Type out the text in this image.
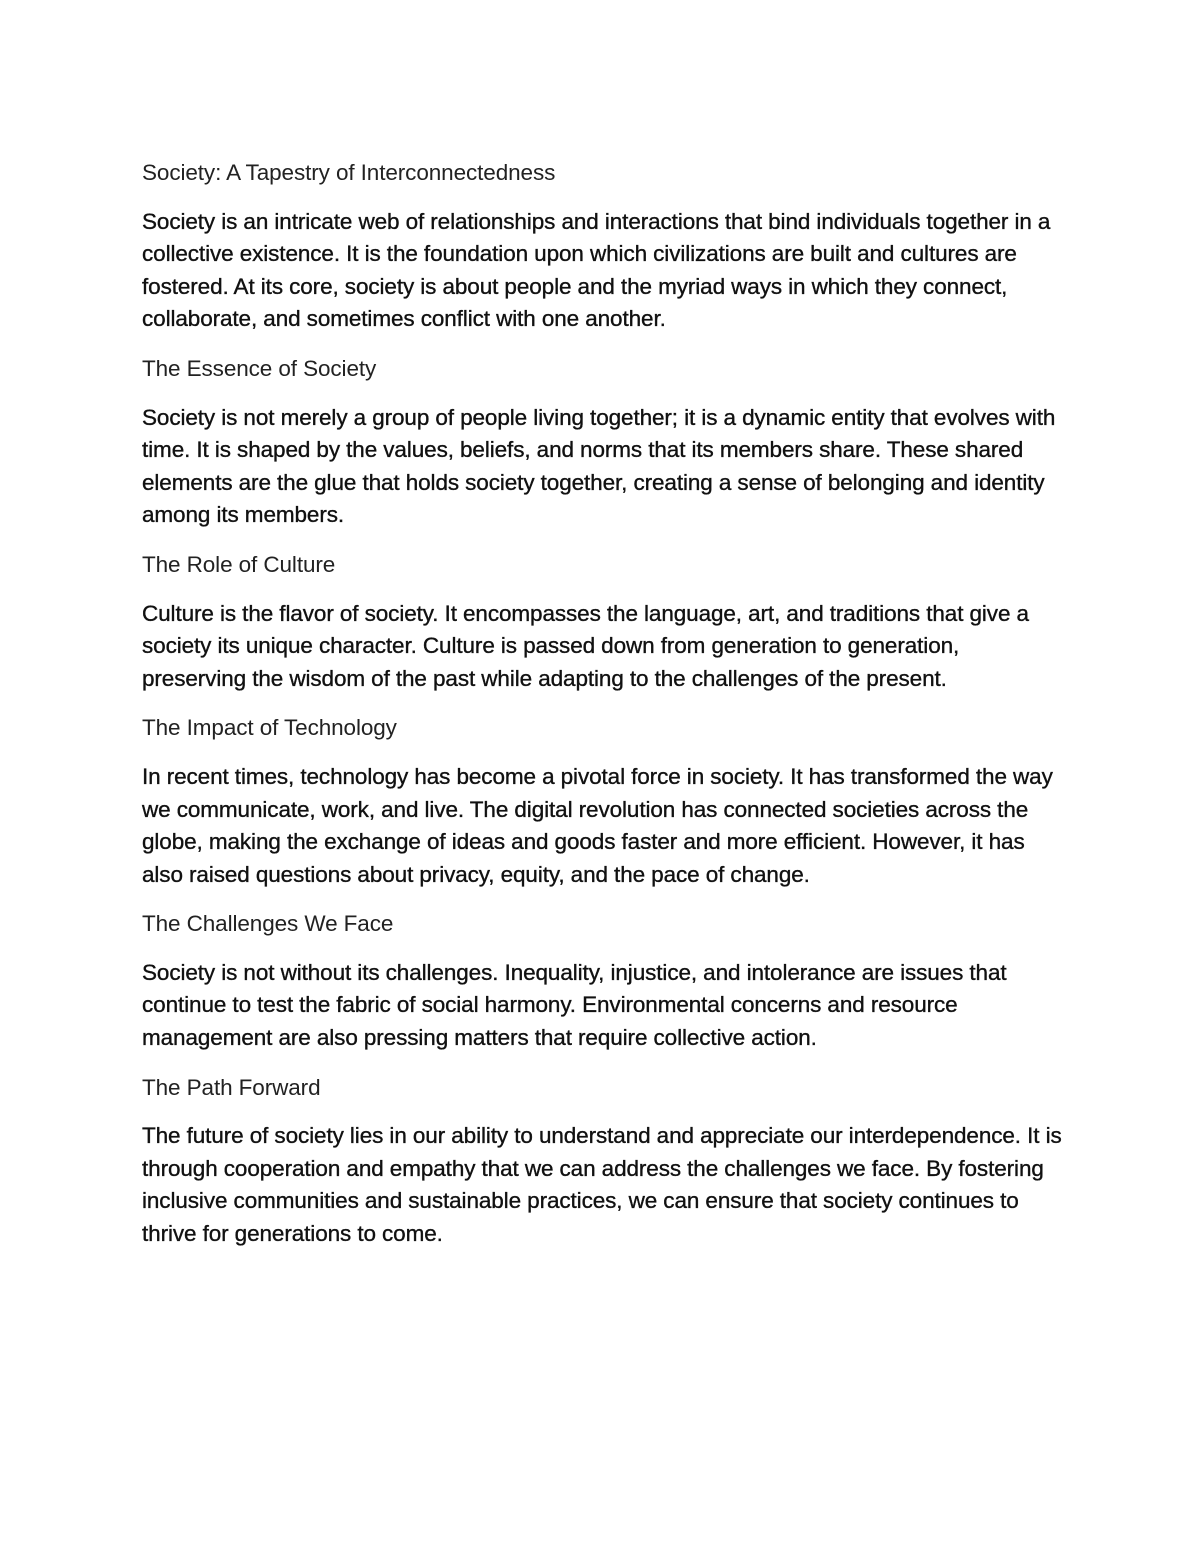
Society: A Tapestry of Interconnectedness

Society is an intricate web of relationships and interactions that bind individuals together in a collective existence. It is the foundation upon which civilizations are built and cultures are fostered. At its core, society is about people and the myriad ways in which they connect, collaborate, and sometimes conflict with one another.

The Essence of Society

Society is not merely a group of people living together; it is a dynamic entity that evolves with time. It is shaped by the values, beliefs, and norms that its members share. These shared elements are the glue that holds society together, creating a sense of belonging and identity among its members.

The Role of Culture

Culture is the flavor of society. It encompasses the language, art, and traditions that give a society its unique character. Culture is passed down from generation to generation, preserving the wisdom of the past while adapting to the challenges of the present.

The Impact of Technology

In recent times, technology has become a pivotal force in society. It has transformed the way we communicate, work, and live. The digital revolution has connected societies across the globe, making the exchange of ideas and goods faster and more efficient. However, it has also raised questions about privacy, equity, and the pace of change.

The Challenges We Face

Society is not without its challenges. Inequality, injustice, and intolerance are issues that continue to test the fabric of social harmony. Environmental concerns and resource management are also pressing matters that require collective action.

The Path Forward

The future of society lies in our ability to understand and appreciate our interdependence. It is through cooperation and empathy that we can address the challenges we face. By fostering inclusive communities and sustainable practices, we can ensure that society continues to thrive for generations to come.
